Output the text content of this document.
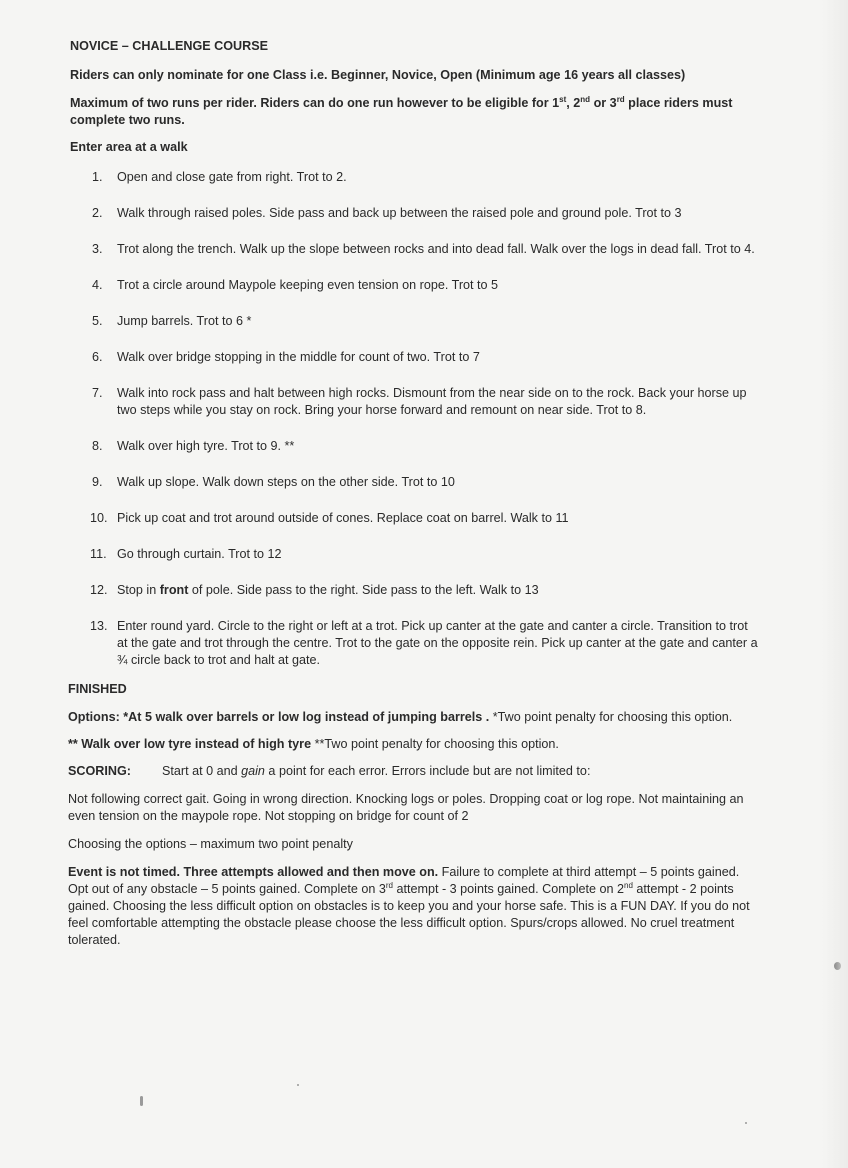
NOVICE – CHALLENGE COURSE

Riders can only nominate for one Class i.e. Beginner, Novice, Open (Minimum age 16 years all classes)

Maximum of two runs per rider. Riders can do one run however to be eligible for 1st, 2nd or 3rd place riders must complete two runs.

Enter area at a walk

1. Open and close gate from right. Trot to 2.
2. Walk through raised poles. Side pass and back up between the raised pole and ground pole. Trot to 3
3. Trot along the trench. Walk up the slope between rocks and into dead fall. Walk over the logs in dead fall. Trot to 4.
4. Trot a circle around Maypole keeping even tension on rope. Trot to 5
5. Jump barrels. Trot to 6 *
6. Walk over bridge stopping in the middle for count of two. Trot to 7
7. Walk into rock pass and halt between high rocks. Dismount from the near side on to the rock. Back your horse up two steps while you stay on rock. Bring your horse forward and remount on near side. Trot to 8.
8. Walk over high tyre. Trot to 9. **
9. Walk up slope. Walk down steps on the other side. Trot to 10
10. Pick up coat and trot around outside of cones. Replace coat on barrel. Walk to 11
11. Go through curtain. Trot to 12
12. Stop in front of pole. Side pass to the right. Side pass to the left. Walk to 13
13. Enter round yard. Circle to the right or left at a trot. Pick up canter at the gate and canter a circle. Transition to trot at the gate and trot through the centre. Trot to the gate on the opposite rein. Pick up canter at the gate and canter a ¾ circle back to trot and halt at gate.

FINISHED

Options: *At 5 walk over barrels or low log instead of jumping barrels . *Two point penalty for choosing this option.

** Walk over low tyre instead of high tyre **Two point penalty for choosing this option.

SCORING: Start at 0 and gain a point for each error. Errors include but are not limited to:

Not following correct gait. Going in wrong direction. Knocking logs or poles. Dropping coat or log rope. Not maintaining an even tension on the maypole rope. Not stopping on bridge for count of 2

Choosing the options – maximum two point penalty

Event is not timed. Three attempts allowed and then move on. Failure to complete at third attempt – 5 points gained. Opt out of any obstacle – 5 points gained. Complete on 3rd attempt - 3 points gained. Complete on 2nd attempt - 2 points gained. Choosing the less difficult option on obstacles is to keep you and your horse safe. This is a FUN DAY. If you do not feel comfortable attempting the obstacle please choose the less difficult option. Spurs/crops allowed. No cruel treatment tolerated.
